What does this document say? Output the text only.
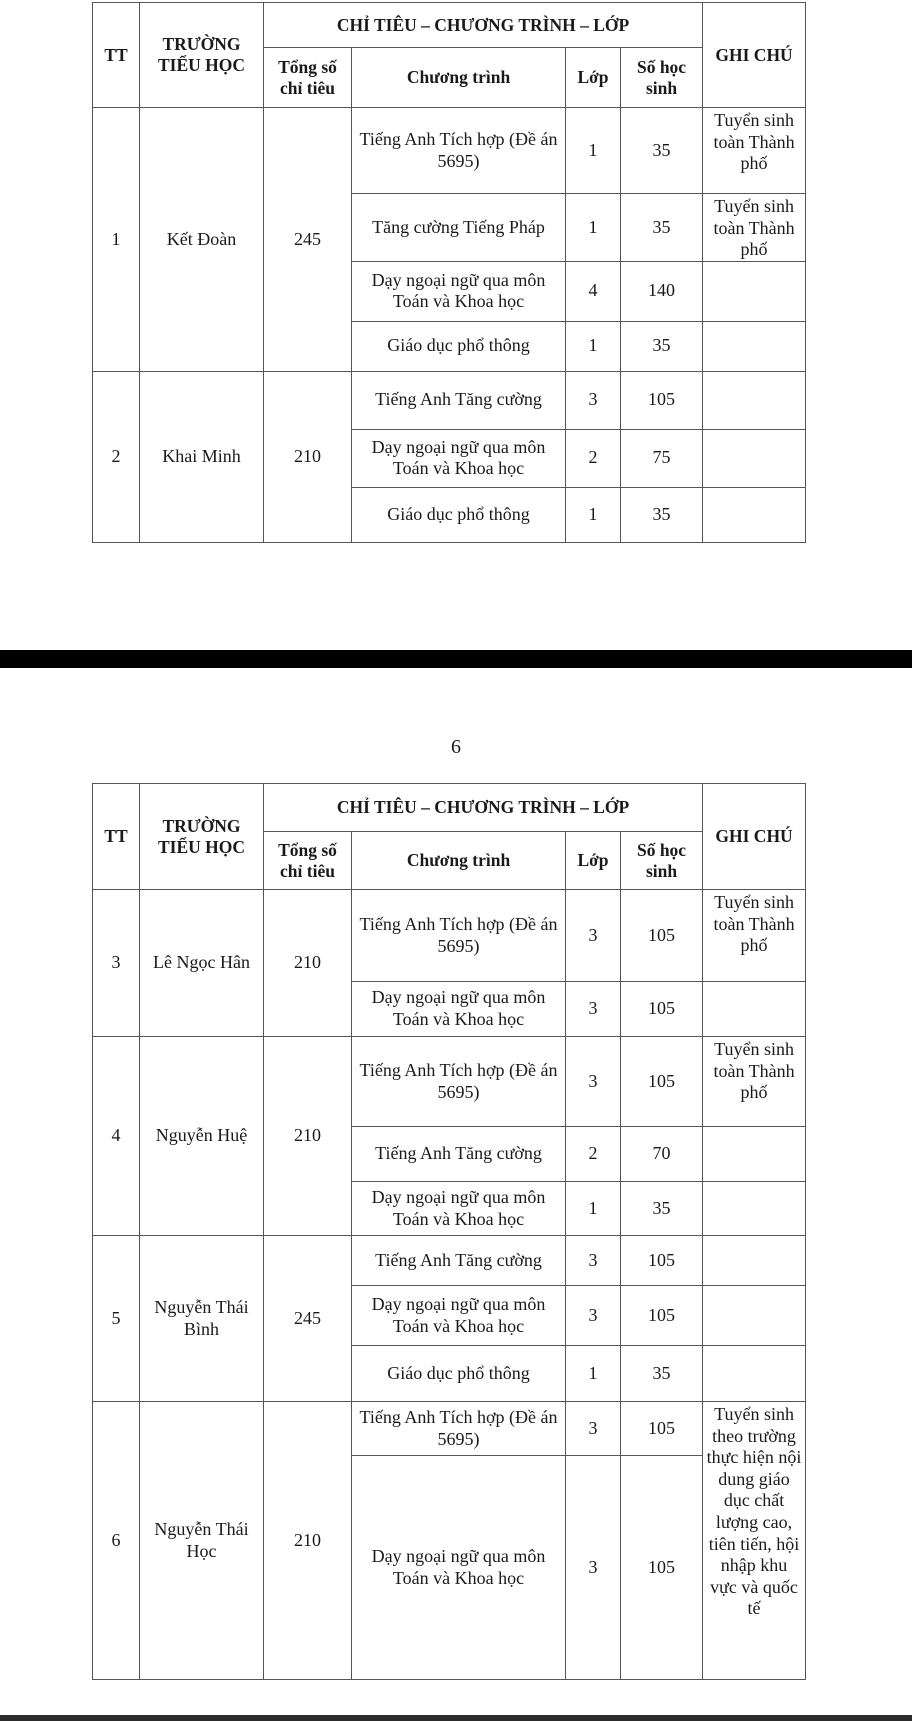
TT	TRƯỜNG TIỂU HỌC	CHỈ TIÊU – CHƯƠNG TRÌNH – LỚP				GHI CHÚ
		Tổng số chỉ tiêu	Chương trình	Lớp	Số học sinh	
1	Kết Đoàn	245	Tiếng Anh Tích hợp (Đề án 5695)	1	35	Tuyển sinh toàn Thành phố
			Tăng cường Tiếng Pháp	1	35	Tuyển sinh toàn Thành phố
			Dạy ngoại ngữ qua môn Toán và Khoa học	4	140	
			Giáo dục phổ thông	1	35	
2	Khai Minh	210	Tiếng Anh Tăng cường	3	105	
			Dạy ngoại ngữ qua môn Toán và Khoa học	2	75	
			Giáo dục phổ thông	1	35	
6
TT	TRƯỜNG TIỂU HỌC	CHỈ TIÊU – CHƯƠNG TRÌNH – LỚP				GHI CHÚ
		Tổng số chỉ tiêu	Chương trình	Lớp	Số học sinh	
3	Lê Ngọc Hân	210	Tiếng Anh Tích hợp (Đề án 5695)	3	105	Tuyển sinh toàn Thành phố
			Dạy ngoại ngữ qua môn Toán và Khoa học	3	105	
4	Nguyễn Huệ	210	Tiếng Anh Tích hợp (Đề án 5695)	3	105	Tuyển sinh toàn Thành phố
			Tiếng Anh Tăng cường	2	70	
			Dạy ngoại ngữ qua môn Toán và Khoa học	1	35	
5	Nguyễn Thái Bình	245	Tiếng Anh Tăng cường	3	105	
			Dạy ngoại ngữ qua môn Toán và Khoa học	3	105	
			Giáo dục phổ thông	1	35	
6	Nguyễn Thái Học	210	Tiếng Anh Tích hợp (Đề án 5695)	3	105	Tuyển sinh theo trường thực hiện nội dung giáo dục chất lượng cao, tiên tiến, hội nhập khu vực và quốc tế
			Dạy ngoại ngữ qua môn Toán và Khoa học	3	105	
